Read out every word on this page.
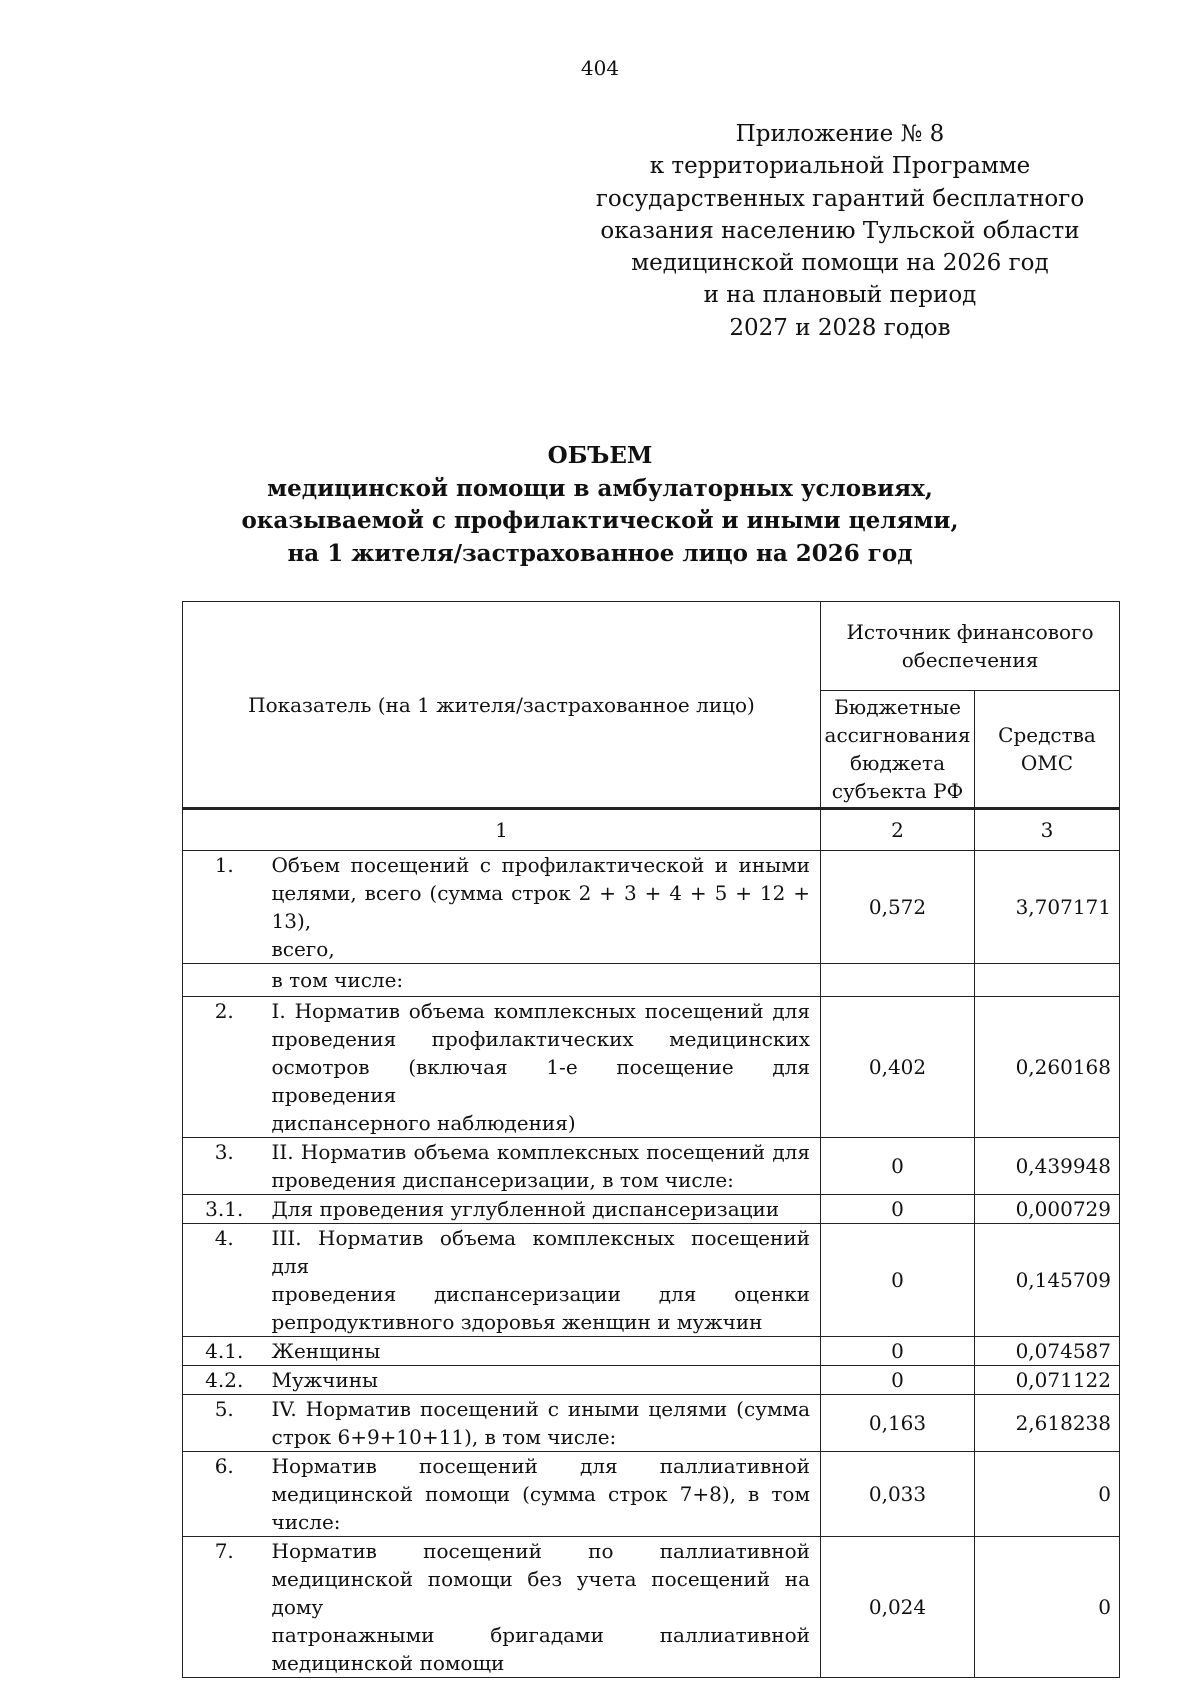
404
Приложение № 8
к территориальной Программе
государственных гарантий бесплатного
оказания населению Тульской области
медицинской помощи на 2026 год
и на плановый период
2027 и 2028 годов
ОБЪЕМ
медицинской помощи в амбулаторных условиях,
оказываемой с профилактической и иными целями,
на 1 жителя/застрахованное лицо на 2026 год
Показатель (на 1 жителя/застрахованное лицо)		Источник финансового
обеспечения	

		Бюджетные
ассигнования
бюджета
субъекта РФ	Средства
ОМС

1		2	3

1.	Объем посещений с профилактической и иными
целями, всего (сумма строк 2 + 3 + 4 + 5 + 12 + 13),
всего,	0,572	3,707171

	в том числе:		

2.	I. Норматив объема комплексных посещений для
проведения профилактических медицинских
осмотров (включая 1-е посещение для проведения
диспансерного наблюдения)	0,402	0,260168

3.	II. Норматив объема комплексных посещений для
проведения диспансеризации, в том числе:	0	0,439948

3.1.	Для проведения углубленной диспансеризации	0	0,000729

4.	III. Норматив объема комплексных посещений для
проведения диспансеризации для оценки
репродуктивного здоровья женщин и мужчин	0	0,145709

4.1.	Женщины	0	0,074587

4.2.	Мужчины	0	0,071122

5.	IV. Норматив посещений с иными целями (сумма
строк 6+9+10+11), в том числе:	0,163	2,618238

6.	Норматив посещений для паллиативной
медицинской помощи (сумма строк 7+8), в том
числе:	0,033	0

7.	Норматив посещений по паллиативной
медицинской помощи без учета посещений на дому
патронажными бригадами паллиативной
медицинской помощи	0,024	0
